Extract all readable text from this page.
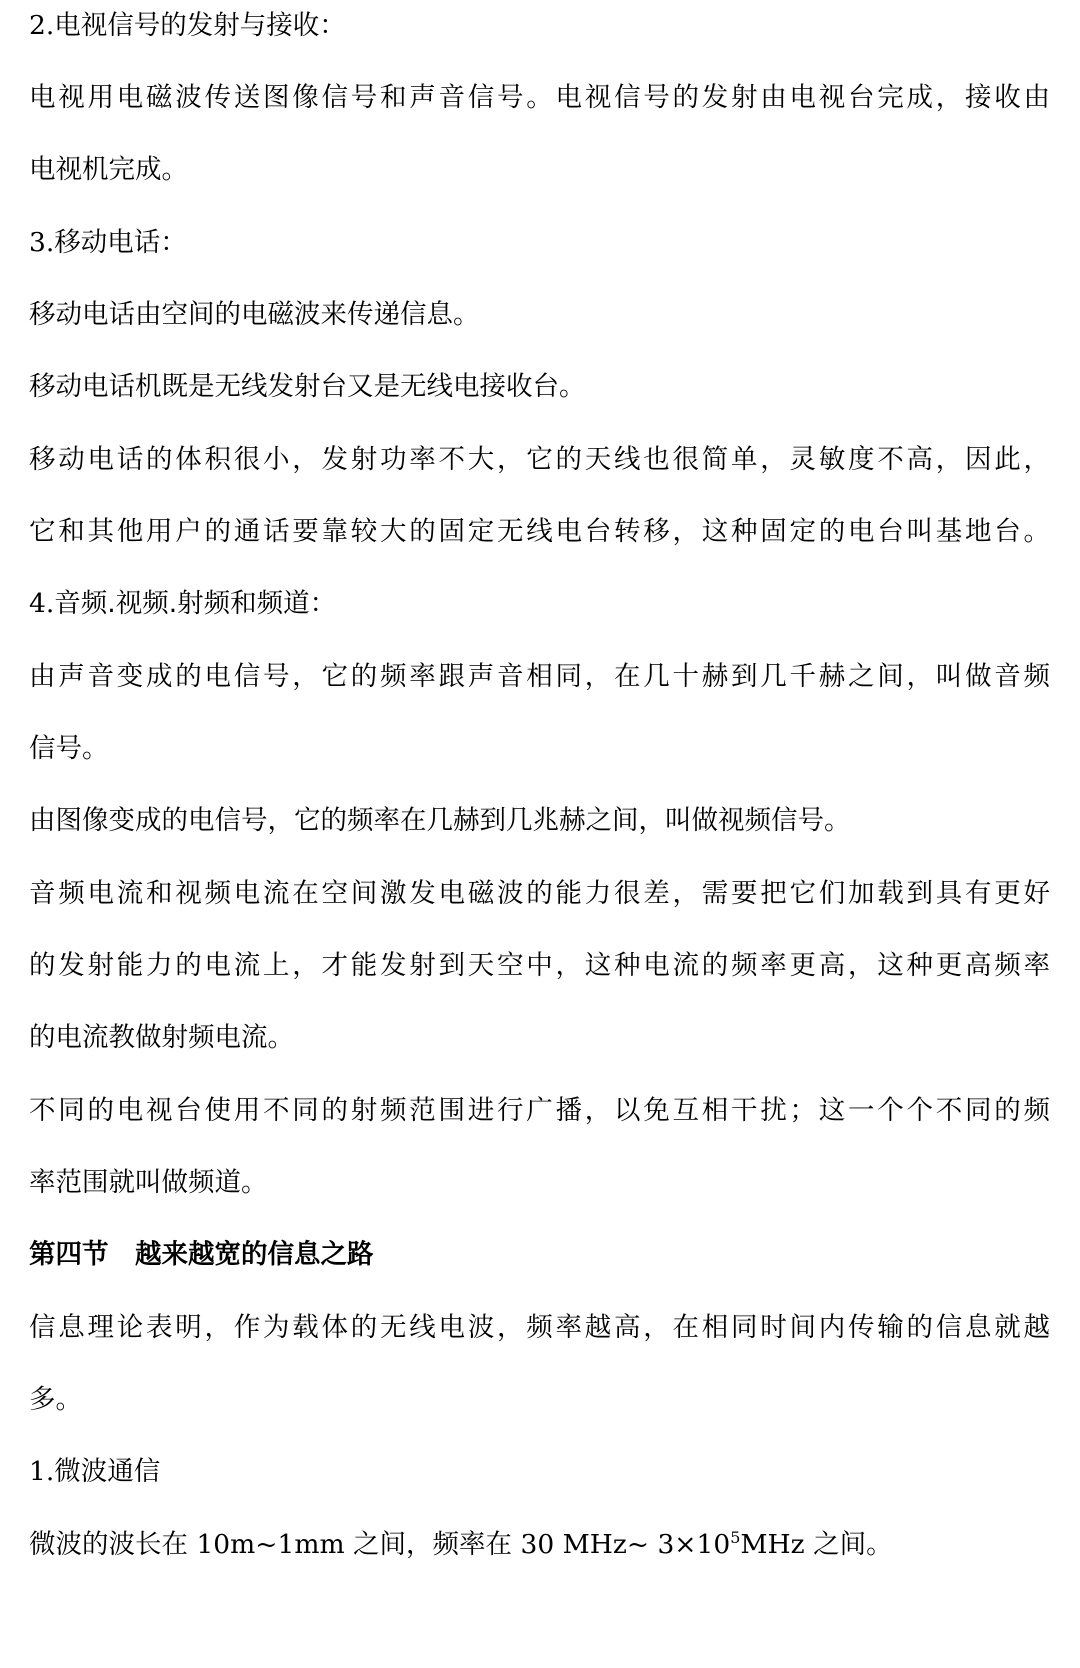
2.电视信号的发射与接收：
电视用电磁波传送图像信号和声音信号。电视信号的发射由电视台完成，接收由
电视机完成。
3.移动电话：
移动电话由空间的电磁波来传递信息。
移动电话机既是无线发射台又是无线电接收台。
移动电话的体积很小，发射功率不大，它的天线也很简单，灵敏度不高，因此，
它和其他用户的通话要靠较大的固定无线电台转移，这种固定的电台叫基地台。
4.音频.视频.射频和频道：
由声音变成的电信号，它的频率跟声音相同，在几十赫到几千赫之间，叫做音频
信号。
由图像变成的电信号，它的频率在几赫到几兆赫之间，叫做视频信号。
音频电流和视频电流在空间激发电磁波的能力很差，需要把它们加载到具有更好
的发射能力的电流上，才能发射到天空中，这种电流的频率更高，这种更高频率
的电流教做射频电流。
不同的电视台使用不同的射频范围进行广播，以免互相干扰；这一个个不同的频
率范围就叫做频道。
第四节　越来越宽的信息之路
信息理论表明，作为载体的无线电波，频率越高，在相同时间内传输的信息就越
多。
1.微波通信
微波的波长在 10m~1mm 之间，频率在 30 MHz~ $3\times 10^5MHz$ 之间。
